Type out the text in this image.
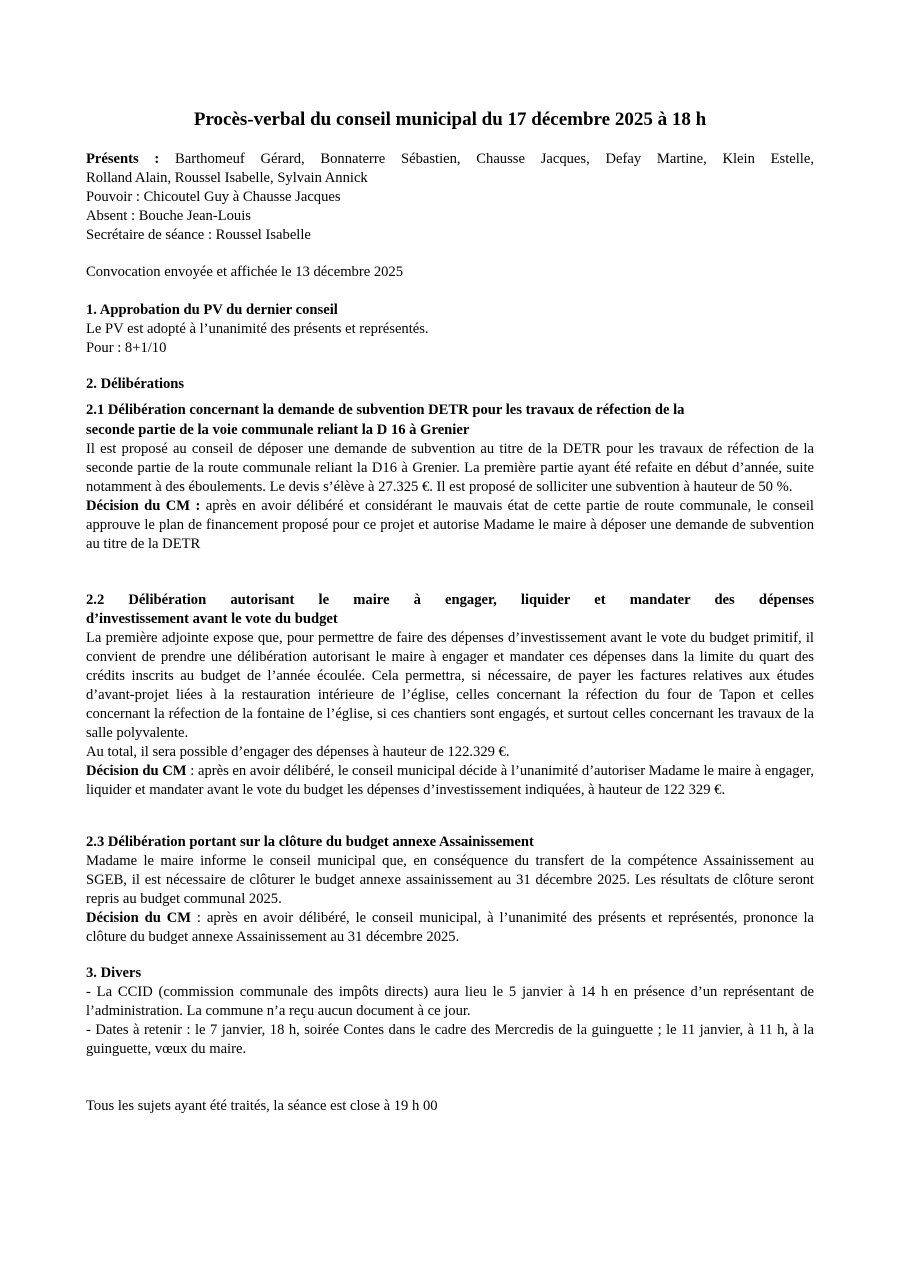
Procès-verbal du conseil municipal du 17 décembre 2025 à 18 h

Présents : Barthomeuf Gérard, Bonnaterre Sébastien, Chausse Jacques, Defay Martine, Klein Estelle,

Rolland Alain, Roussel Isabelle, Sylvain Annick

Pouvoir : Chicoutel Guy à Chausse Jacques

Absent : Bouche Jean-Louis

Secrétaire de séance : Roussel Isabelle

Convocation envoyée et affichée le 13 décembre 2025

1. Approbation du PV du dernier conseil

Le PV est adopté à l’unanimité des présents et représentés.

Pour : 8+1/10

2. Délibérations

2.1 Délibération concernant la demande de subvention DETR pour les travaux de réfection de la

seconde partie de la voie communale reliant la D 16 à Grenier

Il est proposé au conseil de déposer une demande de subvention au titre de la DETR pour les travaux de réfection de la seconde partie de la route communale reliant la D16 à Grenier. La première partie ayant été refaite en début d’année, suite notamment à des éboulements. Le devis s’élève à 27.325 €. Il est proposé de solliciter une subvention à hauteur de 50 %.

Décision du CM : après en avoir délibéré et considérant le mauvais état de cette partie de route communale, le conseil approuve le plan de financement proposé pour ce projet et autorise Madame le maire à déposer une demande de subvention au titre de la DETR

2.2 Délibération autorisant le maire à engager, liquider et mandater des dépenses

d’investissement avant le vote du budget

La première adjointe expose que, pour permettre de faire des dépenses d’investissement avant le vote du budget primitif, il convient de prendre une délibération autorisant le maire à engager et mandater ces dépenses dans la limite du quart des crédits inscrits au budget de l’année écoulée. Cela permettra, si nécessaire, de payer les factures relatives aux études d’avant-projet liées à la restauration intérieure de l’église, celles concernant la réfection du four de Tapon et celles concernant la réfection de la fontaine de l’église, si ces chantiers sont engagés, et surtout celles concernant les travaux de la salle polyvalente.

Au total, il sera possible d’engager des dépenses à hauteur de 122.329 €.

Décision du CM : après en avoir délibéré, le conseil municipal décide à l’unanimité d’autoriser Madame le maire à engager, liquider et mandater avant le vote du budget les dépenses d’investissement indiquées, à hauteur de 122 329 €.

2.3 Délibération portant sur la clôture du budget annexe Assainissement

Madame le maire informe le conseil municipal que, en conséquence du transfert de la compétence Assainissement au SGEB, il est nécessaire de clôturer le budget annexe assainissement au 31 décembre 2025. Les résultats de clôture seront repris au budget communal 2025.

Décision du CM : après en avoir délibéré, le conseil municipal, à l’unanimité des présents et représentés, prononce la clôture du budget annexe Assainissement au 31 décembre 2025.

3. Divers

- La CCID (commission communale des impôts directs) aura lieu le 5 janvier à 14 h en présence d’un représentant de l’administration. La commune n’a reçu aucun document à ce jour.

- Dates à retenir : le 7 janvier, 18 h, soirée Contes dans le cadre des Mercredis de la guinguette ; le 11 janvier, à 11 h, à la guinguette, vœux du maire.

Tous les sujets ayant été traités, la séance est close à 19 h 00
